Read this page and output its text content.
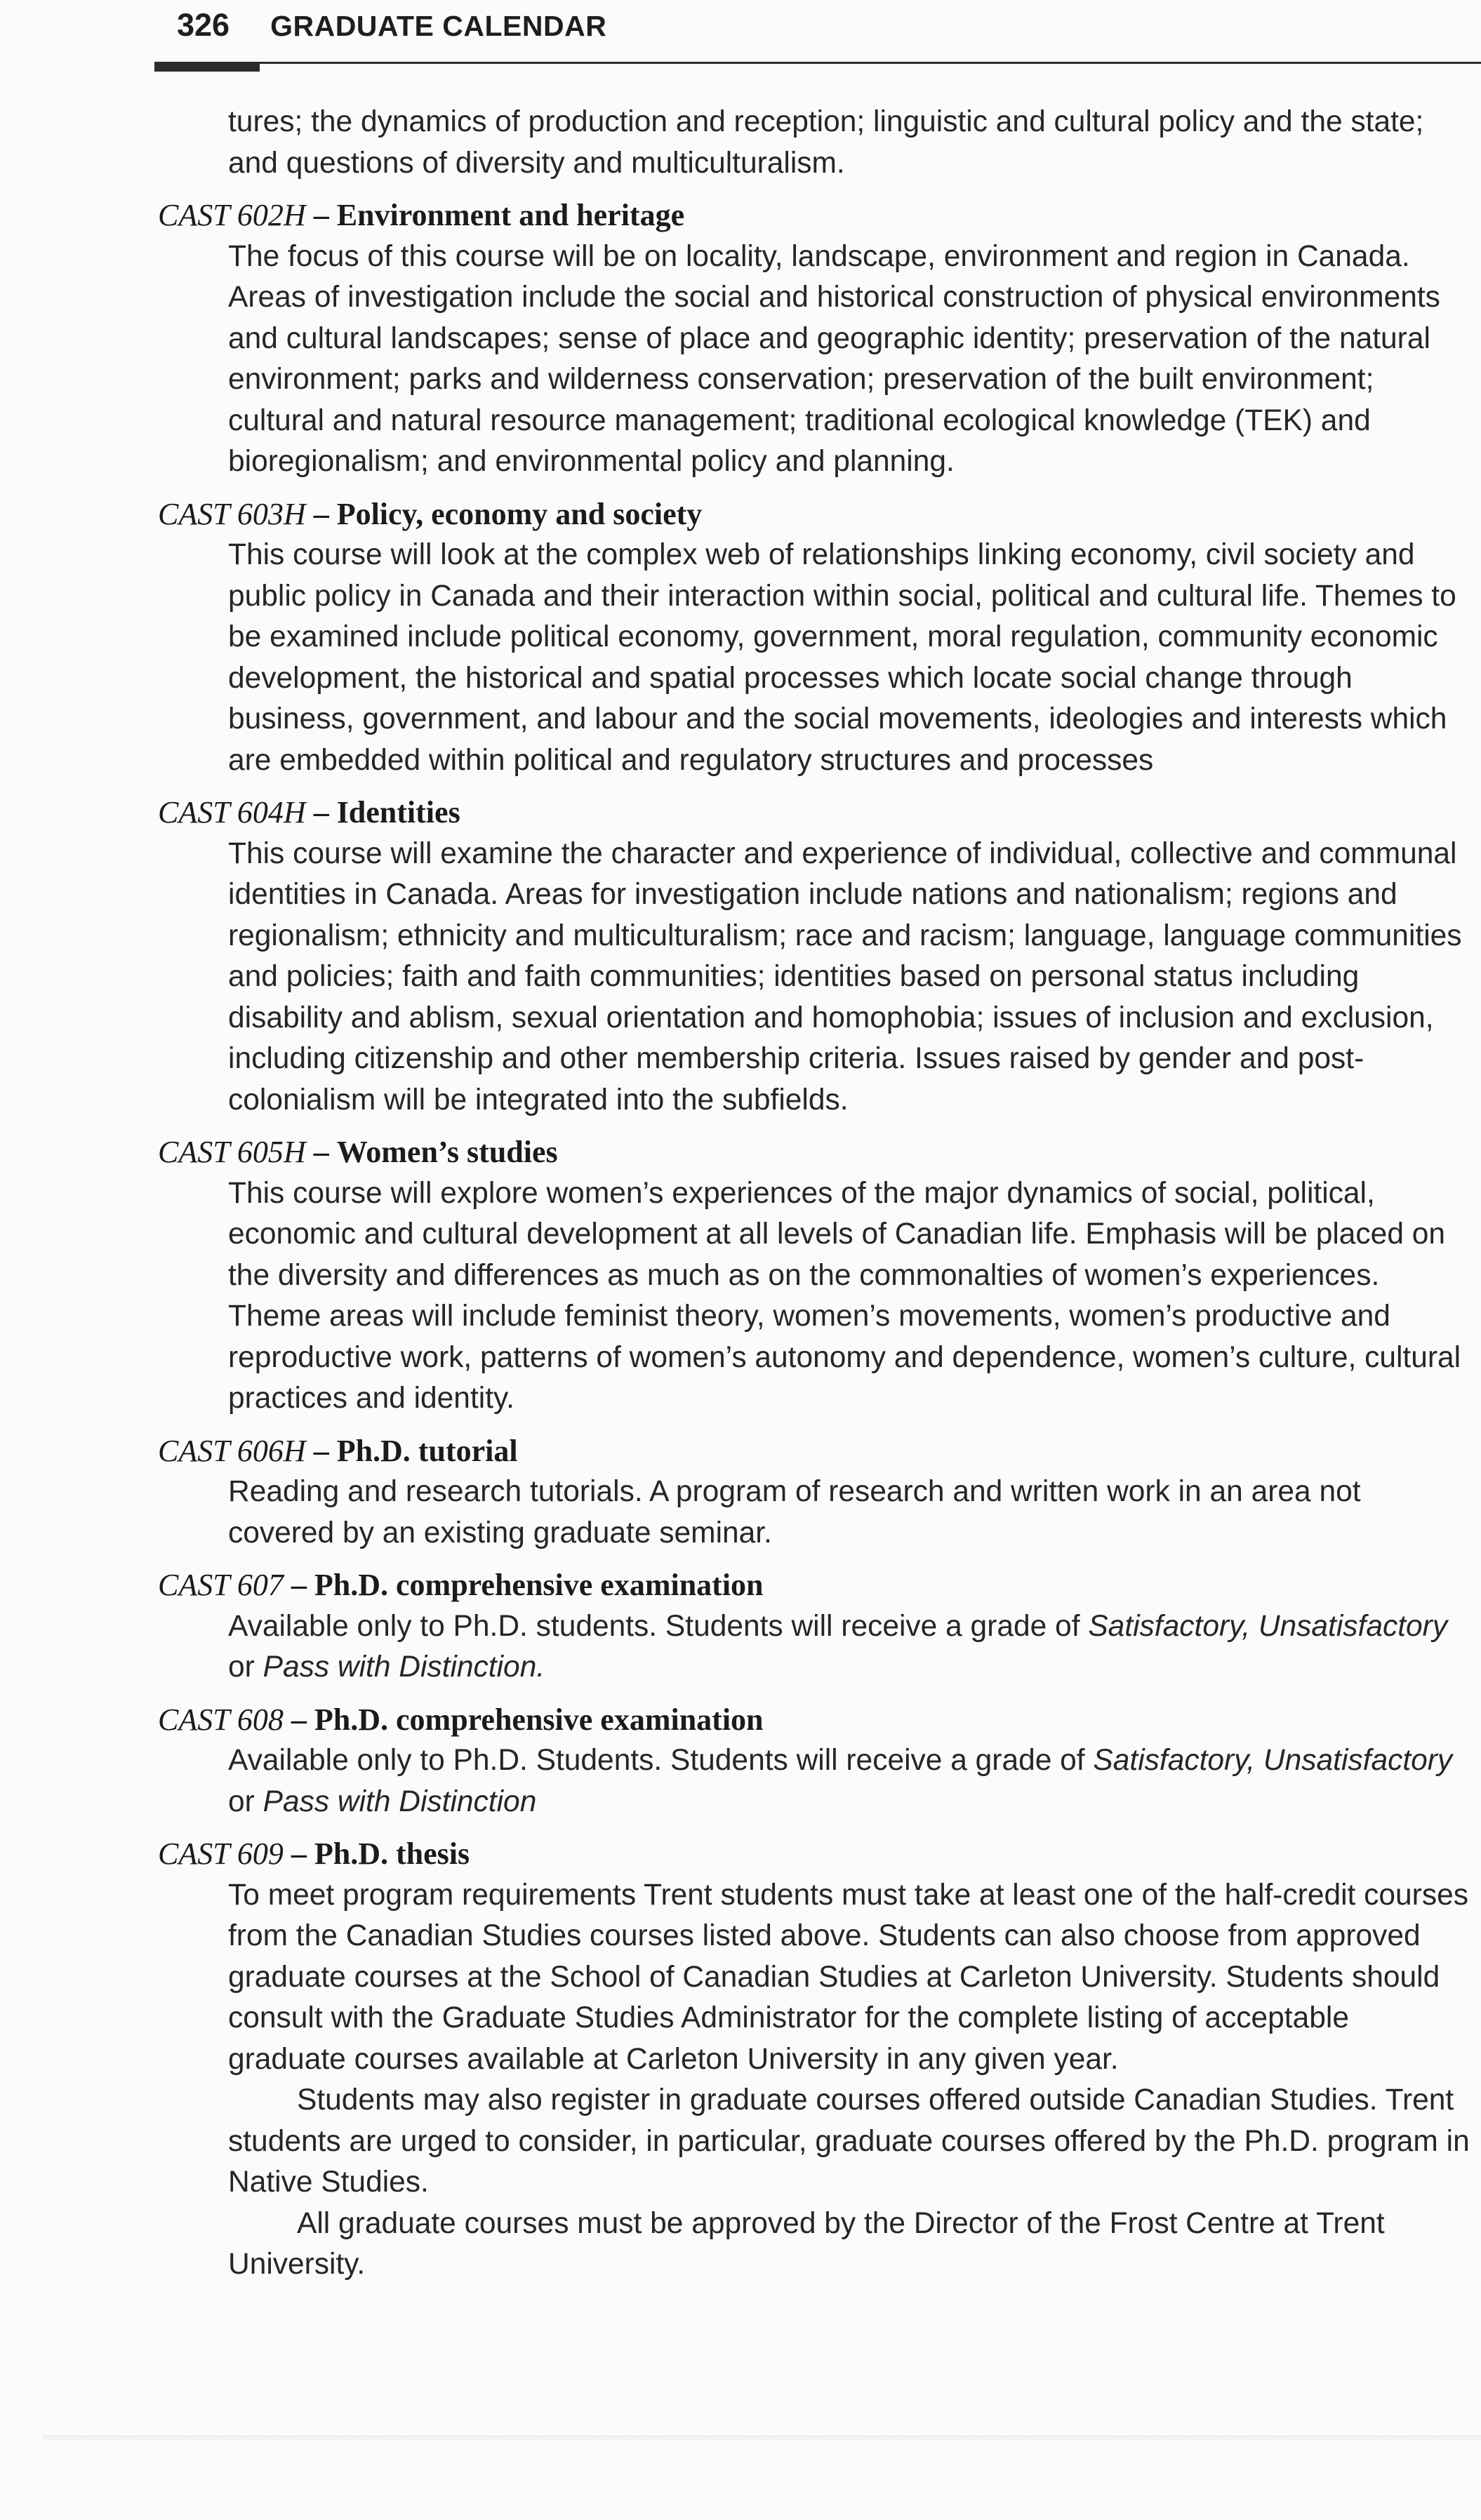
326 GRADUATE CALENDAR

tures; the dynamics of production and reception; linguistic and cultural policy and the state; and questions of diversity and multiculturalism.

CAST 602H – Environment and heritage

The focus of this course will be on locality, landscape, environment and region in Canada. Areas of investigation include the social and historical construction of physical environments and cultural landscapes; sense of place and geographic identity; preservation of the natural environment; parks and wilderness conservation; preservation of the built environment; cultural and natural resource management; traditional ecological knowledge (TEK) and bioregionalism; and environmental policy and planning.

CAST 603H – Policy, economy and society

This course will look at the complex web of relationships linking economy, civil society and public policy in Canada and their interaction within social, political and cultural life. Themes to be examined include political economy, government, moral regulation, community economic development, the historical and spatial processes which locate social change through business, government, and labour and the social movements, ideologies and interests which are embedded within political and regulatory structures and processes

CAST 604H – Identities

This course will examine the character and experience of individual, collective and communal identities in Canada. Areas for investigation include nations and nationalism; regions and regionalism; ethnicity and multiculturalism; race and racism; language, language communities and policies; faith and faith communities; identities based on personal status including disability and ablism, sexual orientation and homophobia; issues of inclusion and exclusion, including citizenship and other membership criteria. Issues raised by gender and post-colonialism will be integrated into the subfields.

CAST 605H – Women’s studies

This course will explore women’s experiences of the major dynamics of social, political, economic and cultural development at all levels of Canadian life. Emphasis will be placed on the diversity and differences as much as on the commonalties of women’s experiences. Theme areas will include feminist theory, women’s movements, women’s productive and reproductive work, patterns of women’s autonomy and dependence, women’s culture, cultural practices and identity.

CAST 606H – Ph.D. tutorial

Reading and research tutorials. A program of research and written work in an area not covered by an existing graduate seminar.

CAST 607 – Ph.D. comprehensive examination

Available only to Ph.D. students. Students will receive a grade of Satisfactory, Unsatisfactory or Pass with Distinction.

CAST 608 – Ph.D. comprehensive examination

Available only to Ph.D. Students. Students will receive a grade of Satisfactory, Unsatisfactory or Pass with Distinction

CAST 609 – Ph.D. thesis

To meet program requirements Trent students must take at least one of the half-credit courses from the Canadian Studies courses listed above. Students can also choose from approved graduate courses at the School of Canadian Studies at Carleton University. Students should consult with the Graduate Studies Administrator for the complete listing of acceptable graduate courses available at Carleton University in any given year.

Students may also register in graduate courses offered outside Canadian Studies. Trent students are urged to consider, in particular, graduate courses offered by the Ph.D. program in Native Studies.

All graduate courses must be approved by the Director of the Frost Centre at Trent University.
